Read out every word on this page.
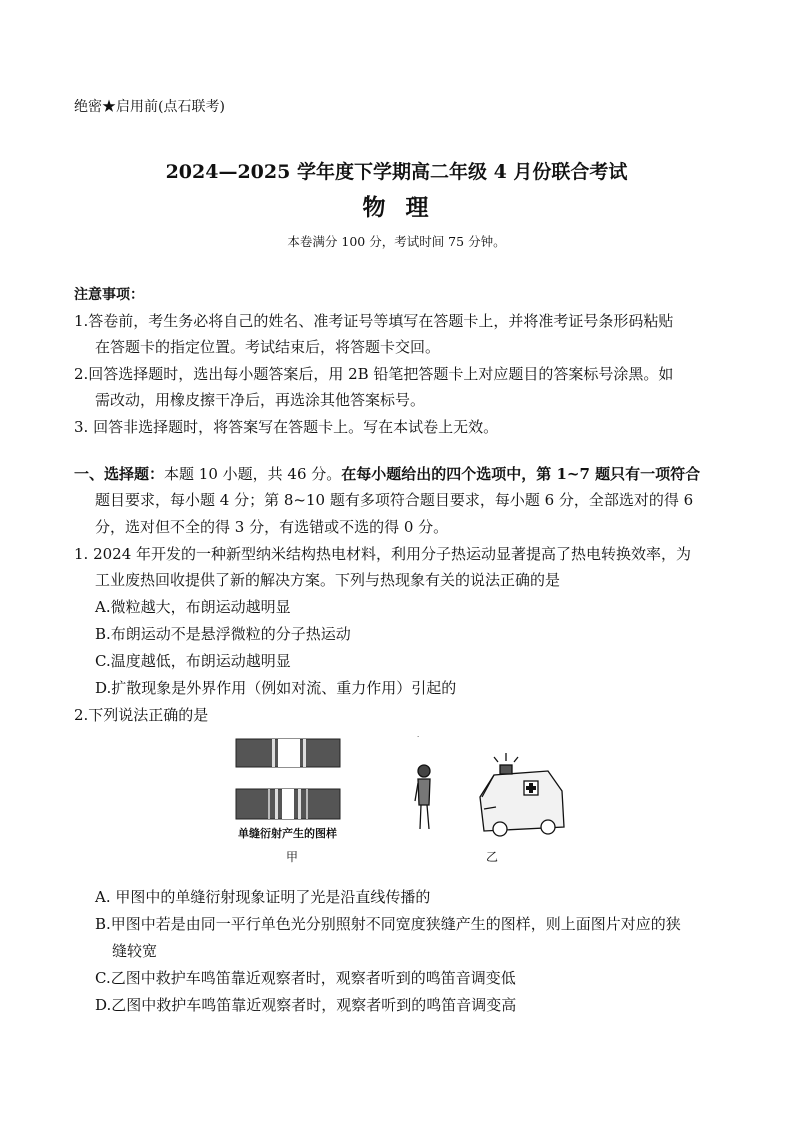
绝密★启用前(点石联考)
2024—2025 学年度下学期高二年级 4 月份联合考试
物 理
本卷满分 100 分，考试时间 75 分钟。
注意事项：
1.答卷前，考生务必将自己的姓名、准考证号等填写在答题卡上，并将准考证号条形码粘贴
在答题卡的指定位置。考试结束后，将答题卡交回。
2.回答选择题时，选出每小题答案后，用 2B 铅笔把答题卡上对应题目的答案标号涂黑。如
需改动，用橡皮擦干净后，再选涂其他答案标号。
3. 回答非选择题时，将答案写在答题卡上。写在本试卷上无效。
一、选择题：本题 10 小题，共 46 分。在每小题给出的四个选项中，第 1~7 题只有一项符合
题目要求，每小题 4 分；第 8~10 题有多项符合题目要求，每小题 6 分，全部选对的得 6
分，选对但不全的得 3 分，有选错或不选的得 0 分。
1. 2024 年开发的一种新型纳米结构热电材料，利用分子热运动显著提高了热电转换效率，为
工业废热回收提供了新的解决方案。下列与热现象有关的说法正确的是
A.微粒越大，布朗运动越明显
B.布朗运动不是悬浮微粒的分子热运动
C.温度越低，布朗运动越明显
D.扩散现象是外界作用（例如对流、重力作用）引起的
2.下列说法正确的是
单缝衍射产生的图样
甲
·
乙
A. 甲图中的单缝衍射现象证明了光是沿直线传播的
B.甲图中若是由同一平行单色光分别照射不同宽度狭缝产生的图样，则上面图片对应的狭
缝较宽
C.乙图中救护车鸣笛靠近观察者时，观察者听到的鸣笛音调变低
D.乙图中救护车鸣笛靠近观察者时，观察者听到的鸣笛音调变高
